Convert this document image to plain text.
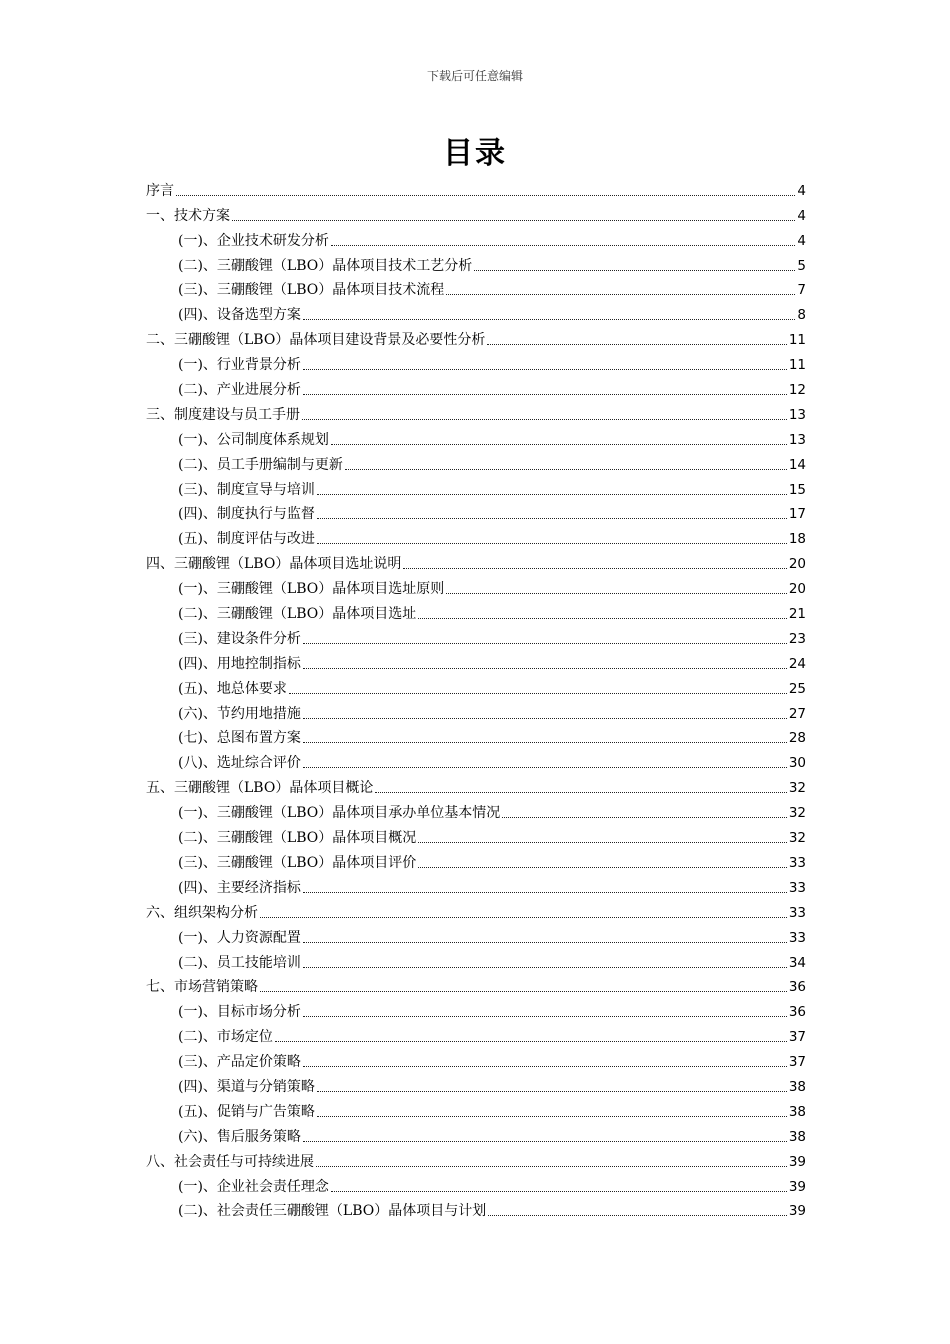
下载后可任意编辑
目录
序言	4
一、技术方案	4
(一)、企业技术研发分析	4
(二)、三硼酸锂（LBO）晶体项目技术工艺分析	5
(三)、三硼酸锂（LBO）晶体项目技术流程	7
(四)、设备选型方案	8
二、三硼酸锂（LBO）晶体项目建设背景及必要性分析	11
(一)、行业背景分析	11
(二)、产业进展分析	12
三、制度建设与员工手册	13
(一)、公司制度体系规划	13
(二)、员工手册编制与更新	14
(三)、制度宣导与培训	15
(四)、制度执行与监督	17
(五)、制度评估与改进	18
四、三硼酸锂（LBO）晶体项目选址说明	20
(一)、三硼酸锂（LBO）晶体项目选址原则	20
(二)、三硼酸锂（LBO）晶体项目选址	21
(三)、建设条件分析	23
(四)、用地控制指标	24
(五)、地总体要求	25
(六)、节约用地措施	27
(七)、总图布置方案	28
(八)、选址综合评价	30
五、三硼酸锂（LBO）晶体项目概论	32
(一)、三硼酸锂（LBO）晶体项目承办单位基本情况	32
(二)、三硼酸锂（LBO）晶体项目概况	32
(三)、三硼酸锂（LBO）晶体项目评价	33
(四)、主要经济指标	33
六、组织架构分析	33
(一)、人力资源配置	33
(二)、员工技能培训	34
七、市场营销策略	36
(一)、目标市场分析	36
(二)、市场定位	37
(三)、产品定价策略	37
(四)、渠道与分销策略	38
(五)、促销与广告策略	38
(六)、售后服务策略	38
八、社会责任与可持续进展	39
(一)、企业社会责任理念	39
(二)、社会责任三硼酸锂（LBO）晶体项目与计划	39
